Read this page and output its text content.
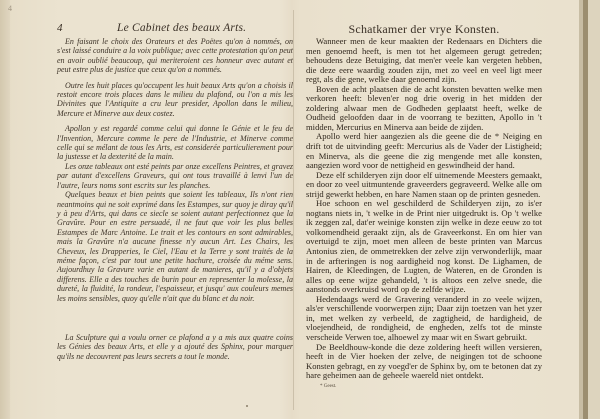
4
4	Le Cabinet des beaux Arts.

En faisant le choix des Orateurs et des Poëtes qu'on à nommés, on s'est laissé conduire a la voix publique; avec cette protestation qu'on peut en avoir oublié beaucoup, qui meriteroient ces honneur avec autant et peut estre plus de justice que ceux qu'on a nommés.

Outre les huit places qu'occupent les huit beaux Arts qu'on a choisis il restoit encore trois places dans le milieu du plafond, ou l'on a mis les Divinites que l'Antiquite a cru leur presider, Apollon dans le milieu, Mercure et Minerve aux deux costez.

Apollon y est regardé comme celui qui donne le Génie et le feu de l'Invention, Mercure comme le pere de l'Industrie, et Minerve comme celle qui se mélant de tous les Arts, est considerée particulierement pour la justesse et la dexterité de la main.

Les onze tableaux ont esté peints par onze excellens Peintres, et gravez par autant d'excellens Graveurs, qui ont tous travaillé à lenvi l'un de l'autre, leurs noms sont escrits sur les planches.

Quelques beaux et bien peints que soient les tableaux, Ils n'ont rien neantmoins qui ne soit exprimé dans les Estampes, sur quoy je diray qu'il y à peu d'Arts, qui dans ce siecle se soient autant perfectionnez que la Gravûre. Pour en estre persuadé, il ne faut que voir les plus belles Estampes de Marc Antoine. Le trait et les contours en sont admirables, mais la Gravûre n'a aucune finesse n'y aucun Art. Les Chairs, les Cheveux, les Drapperies, le Ciel, l'Eau et la Terre y sont traités de la méme façon, c'est par tout une petite hachure, croisée du méme sens. Aujourdhuy la Gravure varie en autant de manieres, qu'il y a d'objets differens. Elle a des touches de burin pour en representer la molesse, la dureté, la fluidité, la rondeur, l'espaisseur, et jusqu' aux couleurs memes les moins sensibles, quoy qu'elle n'ait que du blanc et du noir.

La Sculpture qui a voulu orner ce plafond a y a mis aux quatre coins les Génies des beaux Arts, et elle y a ajouté des Sphinx, pour marquer qu'ils ne decouvrent pas leurs secrets a tout le monde.

Schatkamer der vrye Konsten.

Wanneer men de keur maakten der Redenaars en Dichters die men genoemd heeft, is men tot het algemeen gerugt getreden; behoudens deze Betuiging, dat men'er veele kan vergeten hebben, die deze eere waardig zouden zijn, met zo veel en veel ligt meer regt, als die gene, welke daar genoemd zijn.

Boven de acht plaatsen die de acht konsten bevatten welke men verkoren heeft: bleven'er nog drie overig in het midden der zoldering alwaar men de Godheden geplaatst heeft, welke de Oudheid geloofden daar in de voorrang te bezitten, Apollo in 't midden, Mercurius en Minerva aan beide de zijden.

Apollo werd hier aangezien als die geene die de * Neiging en drift tot de uitvinding geeft: Mercurius als de Vader der Listigheid; en Minerva, als die geene die zig mengende met alle konsten, aangezien word voor de nettigheid en geswindheid der hand.

Deze elf schilderyen zijn door elf uitnemende Meesters gemaakt, en door zo veel uitmuntende graveerders gegraveerd. Welke alle om strijd gewerkt hebben, en hare Namen staan op de printen gesneden.

Hoe schoon en wel geschilderd de Schilderyen zijn, zo is'er nogtans niets in, 't welke in de Print nier uitgedrukt is. Op 't welke ik zeggen zal, dat'er weinige konsten zijn welke in deze eeuw zo tot volkomendheid geraakt zijn, als de Graveerkonst. En om hier van overtuigd te zijn, moet men alleen de beste printen van Marcus Antonius zien, de ommetrekken der zelve zijn verwonderlijk, maar in de arfteringen is nog aardigheid nog konst. De Lighamen, de Hairen, de Kleedingen, de Lugten, de Wateren, en de Gronden is alles op eene wijze gehandeld, 't is altoos een zelve snede, die aanstonds overkruisd word op de zelfde wijze.

Hedendaags werd de Gravering veranderd in zo veele wijzen, als'er verschillende voorwerpen zijn; Daar zijn toetzen van het yzer in, met welken zy verbeeld, de zagtigheid, de hardigheid, de vloejendheid, de rondigheid, de engheden, zelfs tot de minste verscheide Verwen toe, alhoewel zy maar wit en Swart gebruikt.

De Beeldhouw-konde die deze zoldering heeft willen versieren, heeft in de Vier hoeken der zelve, de neigingen tot de schoone Konsten gebragt, en zy voegd'er de Sphinx by, om te betonen dat zy hare geheimen aan de geheele waereld niet ontdekt.

* Geest.
